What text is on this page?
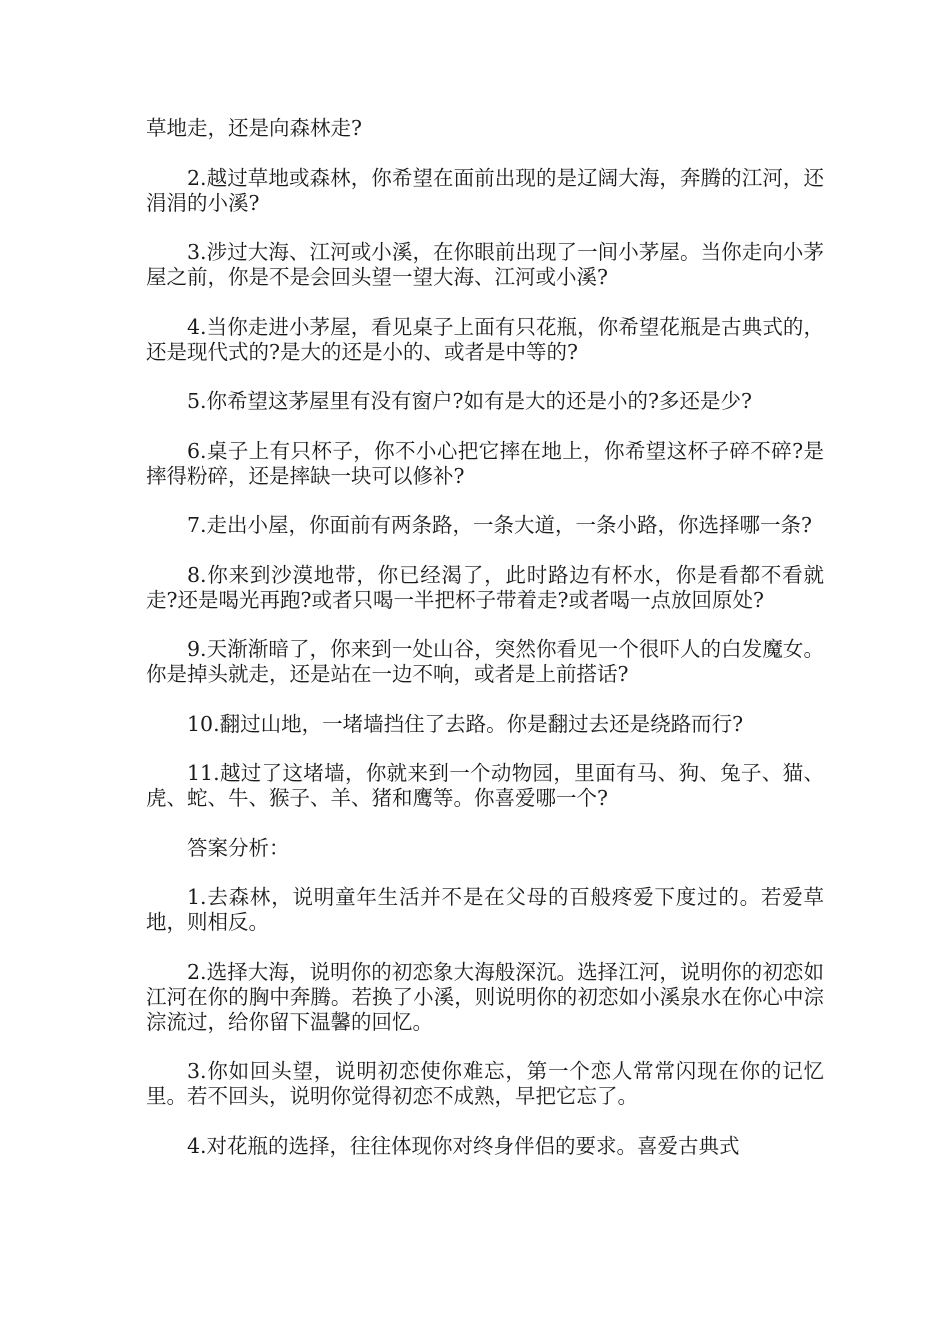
草地走，还是向森林走?

2.越过草地或森林，你希望在面前出现的是辽阔大海，奔腾的江河，还涓涓的小溪?

3.涉过大海、江河或小溪，在你眼前出现了一间小茅屋。当你走向小茅屋之前，你是不是会回头望一望大海、江河或小溪?

4.当你走进小茅屋，看见桌子上面有只花瓶，你希望花瓶是古典式的，还是现代式的?是大的还是小的、或者是中等的?

5.你希望这茅屋里有没有窗户?如有是大的还是小的?多还是少?

6.桌子上有只杯子，你不小心把它摔在地上，你希望这杯子碎不碎?是摔得粉碎，还是摔缺一块可以修补?

7.走出小屋，你面前有两条路，一条大道，一条小路，你选择哪一条?

8.你来到沙漠地带，你已经渴了，此时路边有杯水，你是看都不看就走?还是喝光再跑?或者只喝一半把杯子带着走?或者喝一点放回原处?

9.天渐渐暗了，你来到一处山谷，突然你看见一个很吓人的白发魔女。你是掉头就走，还是站在一边不响，或者是上前搭话?

10.翻过山地，一堵墙挡住了去路。你是翻过去还是绕路而行?

11.越过了这堵墙，你就来到一个动物园，里面有马、狗、兔子、猫、虎、蛇、牛、猴子、羊、猪和鹰等。你喜爱哪一个?

答案分析：

1.去森林，说明童年生活并不是在父母的百般疼爱下度过的。若爱草地，则相反。

2.选择大海，说明你的初恋象大海般深沉。选择江河，说明你的初恋如江河在你的胸中奔腾。若换了小溪，则说明你的初恋如小溪泉水在你心中淙淙流过，给你留下温馨的回忆。

3.你如回头望，说明初恋使你难忘，第一个恋人常常闪现在你的记忆里。若不回头，说明你觉得初恋不成熟，早把它忘了。

4.对花瓶的选择，往往体现你对终身伴侣的要求。喜爱古典式
